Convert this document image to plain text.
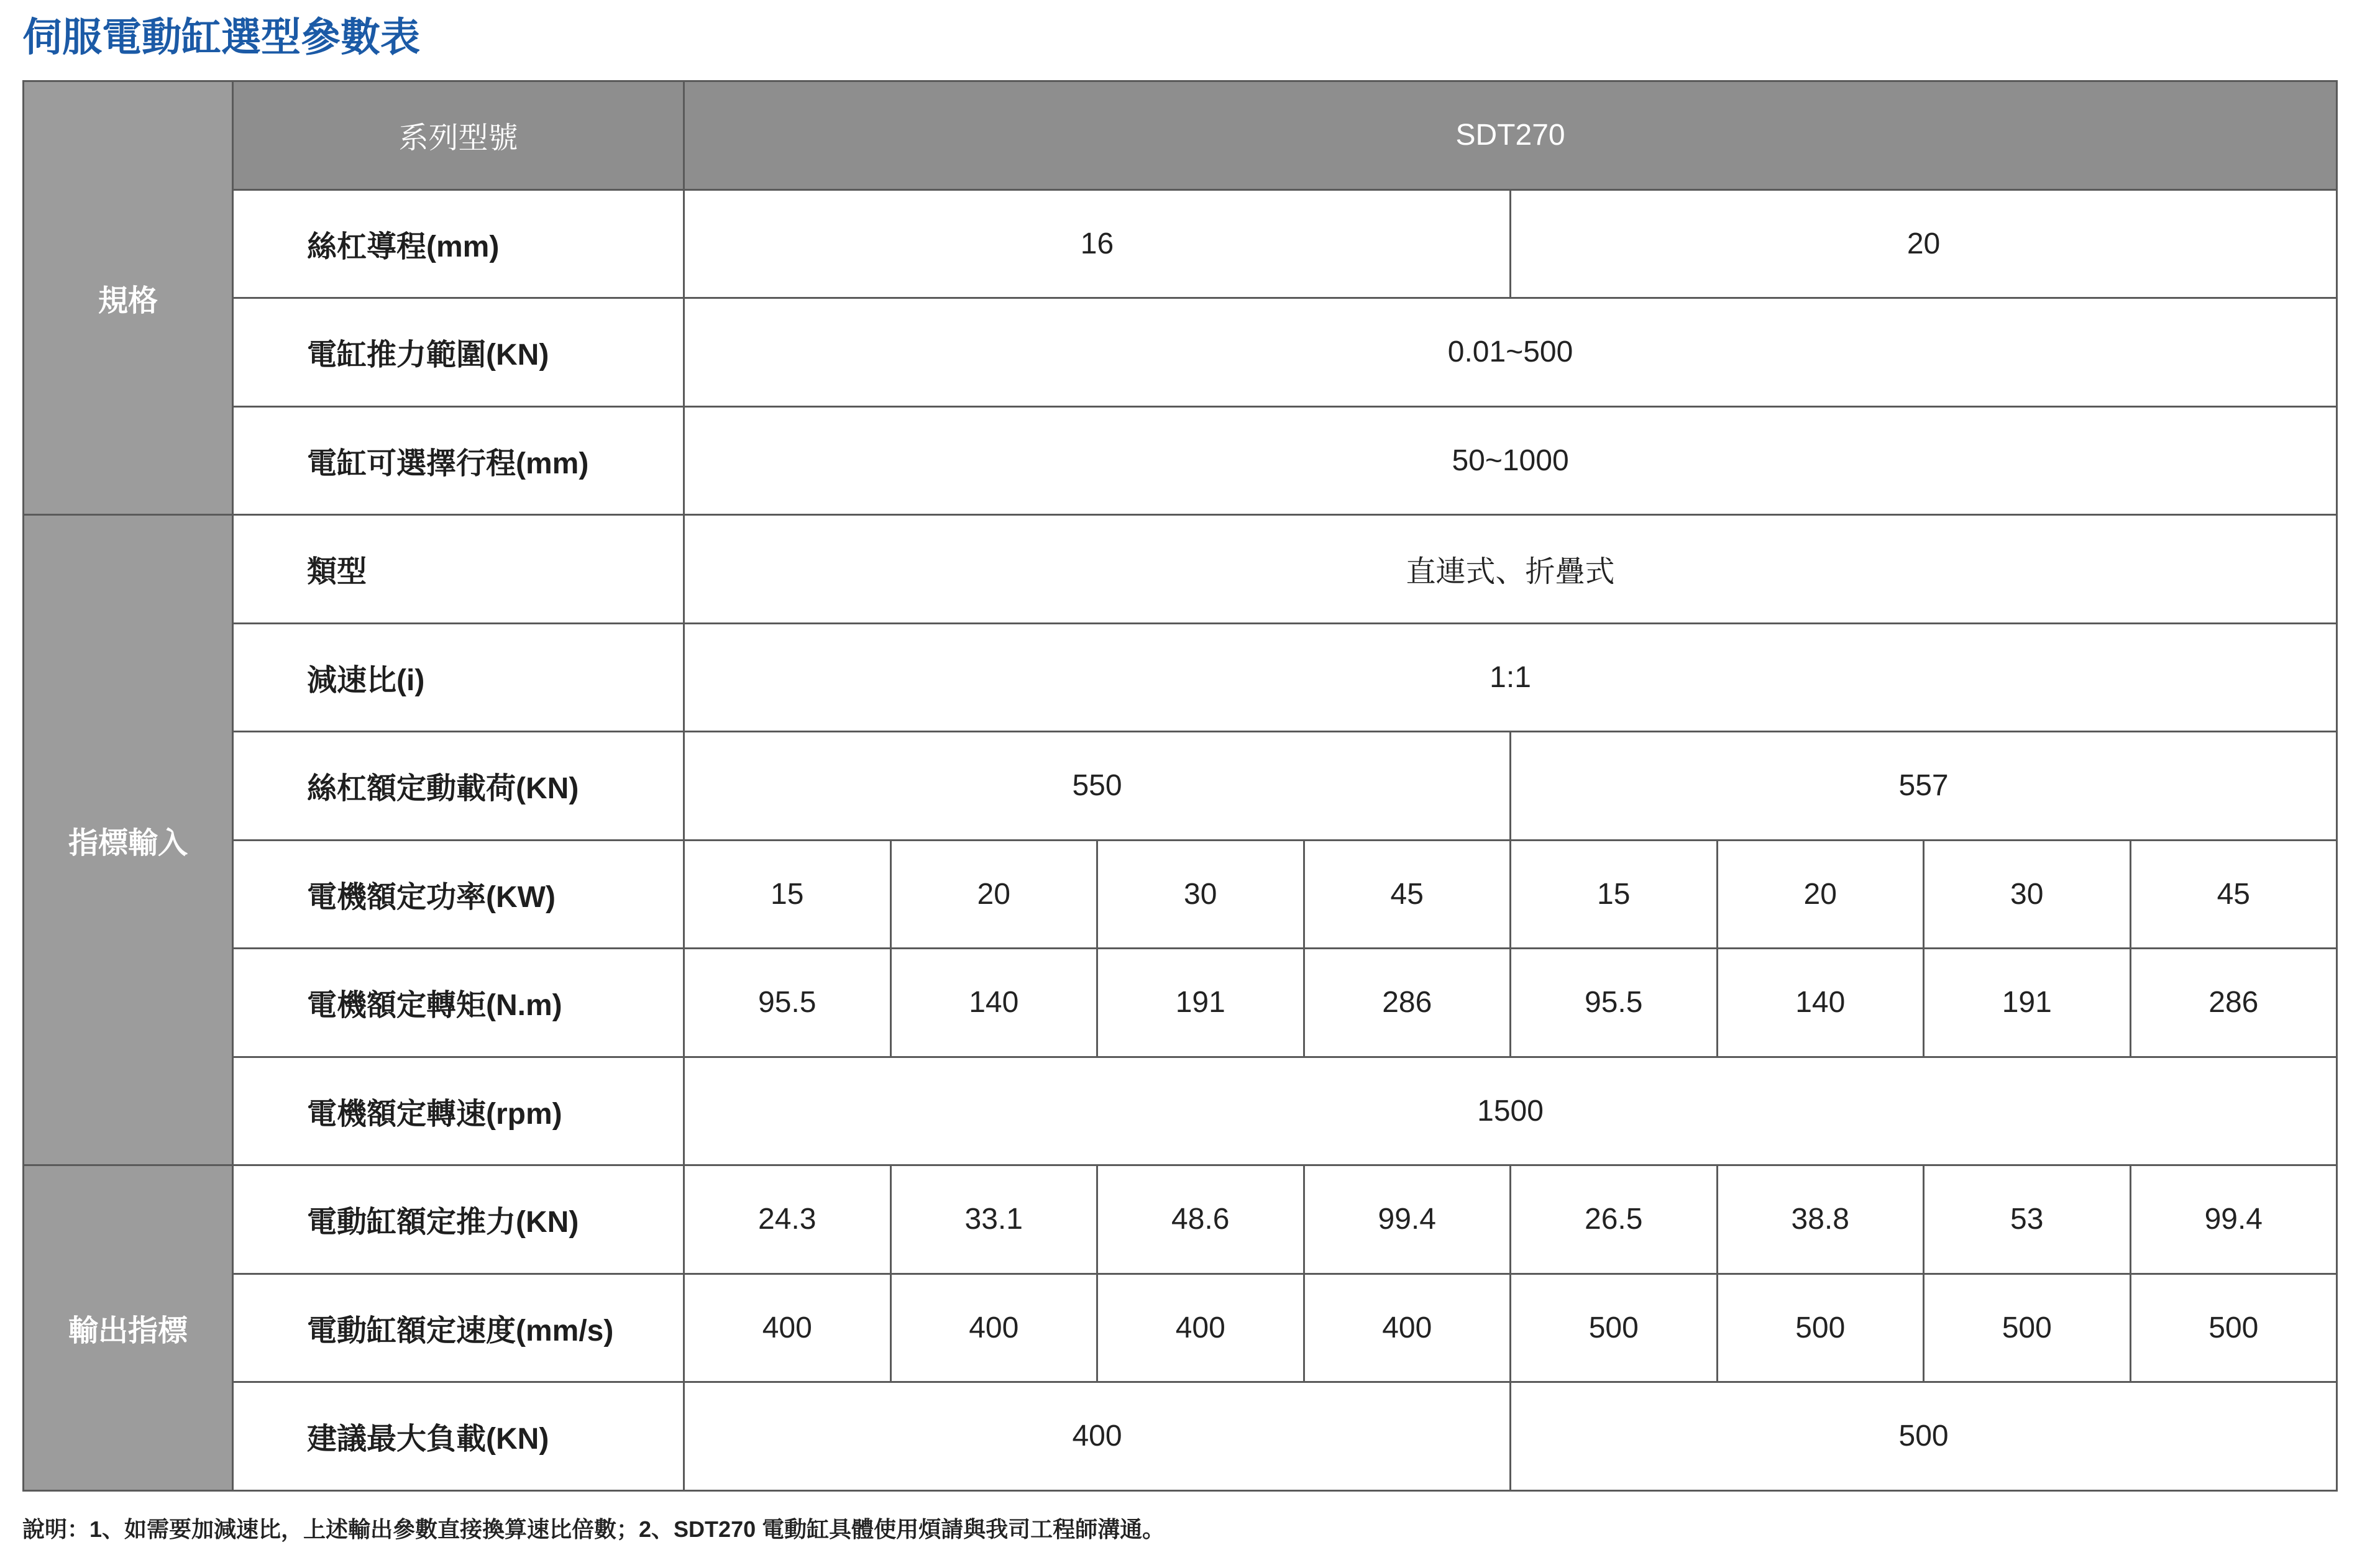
伺服電動缸選型參數表
規格	系列型號	SDT270							
	絲杠導程(mm)	16				20			
	電缸推力範圍(KN)	0.01~500							
	電缸可選擇行程(mm)	50~1000							
指標輸入	類型	直連式、折疊式							
	減速比(i)	1:1							
	絲杠額定動載荷(KN)	550				557			
	電機額定功率(KW)	15	20	30	45	15	20	30	45
	電機額定轉矩(N.m)	95.5	140	191	286	95.5	140	191	286
	電機額定轉速(rpm)	1500							
輸出指標	電動缸額定推力(KN)	24.3	33.1	48.6	99.4	26.5	38.8	53	99.4
	電動缸額定速度(mm/s)	400	400	400	400	500	500	500	500
	建議最大負載(KN)	400				500			

說明：1、如需要加減速比，上述輸出參數直接換算速比倍數；2、SDT270 電動缸具體使用煩請與我司工程師溝通。
